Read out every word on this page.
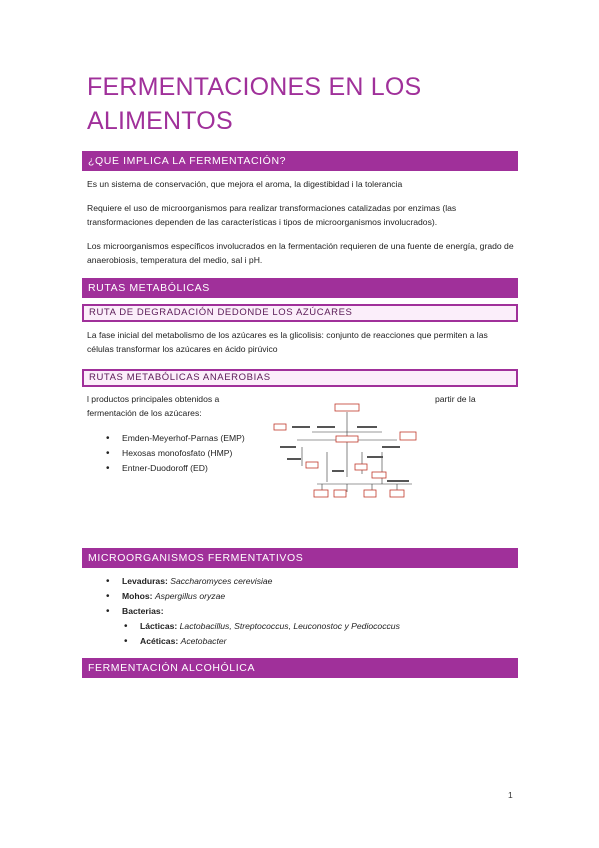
FERMENTACIONES EN LOS ALIMENTOS
¿QUE IMPLICA LA FERMENTACIÓN?

Es un sistema de conservación, que mejora el aroma, la digestibidad i la tolerancia

Requiere el uso de microorganismos para realizar transformaciones catalizadas por enzimas (las transformaciones dependen de las características i tipos de microorganismos involucrados).

Los microorganismos específicos involucrados en la fermentación requieren de una fuente de energía, grado de anaerobiosis, temperatura del medio, sal i pH.

RUTAS METABÓLICAS
RUTA DE DEGRADACIÓN DEDONDE LOS AZÚCARES

La fase inicial del metabolismo de los azúcares es la glicolisis: conjunto de reacciones que permiten a las células transformar los azúcares en ácido pirúvico

RUTAS METABÓLICAS ANAEROBIAS

l productos principales obtenidos a	partir de la

fermentación de los azúcares:

• Emden-Meyerhof-Parnas (EMP)
• Hexosas monofosfato (HMP)
• Entner-Duodoroff (ED)
MICROORGANISMOS FERMENTATIVOS
• Levaduras: Saccharomyces cerevisiae
• Mohos: Aspergillus oryzae
• Bacterias:
• Lácticas: Lactobacillus, Streptococcus, Leuconostoc y Pediococcus
• Acéticas: Acetobacter
FERMENTACIÓN ALCOHÓLICA
1
